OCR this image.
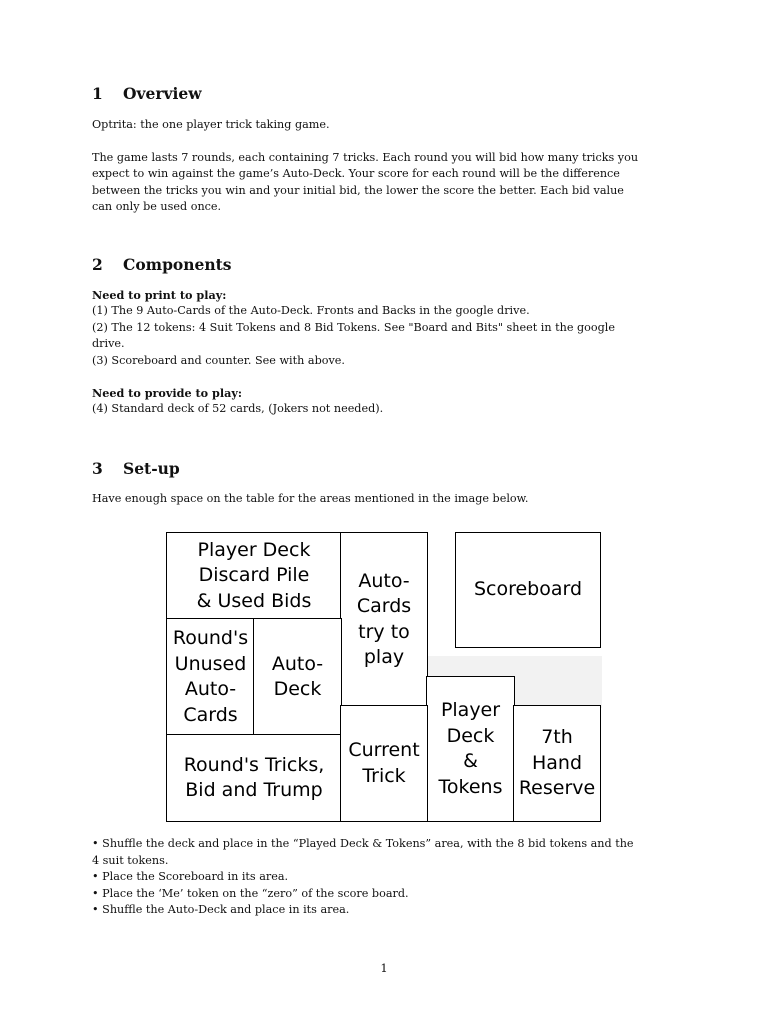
1 Overview

Optrita: the one player trick taking game.

The game lasts 7 rounds, each containing 7 tricks. Each round you will bid how many tricks you
expect to win against the game’s Auto-Deck. Your score for each round will be the difference
between the tricks you win and your initial bid, the lower the score the better. Each bid value
can only be used once.

2 Components

Need to print to play:
(1) The 9 Auto-Cards of the Auto-Deck. Fronts and Backs in the google drive.
(2) The 12 tokens: 4 Suit Tokens and 8 Bid Tokens. See "Board and Bits" sheet in the google
drive.
(3) Scoreboard and counter. See with above.

Need to provide to play:
(4) Standard deck of 52 cards, (Jokers not needed).

3 Set-up

Have enough space on the table for the areas mentioned in the image below.

Player Deck
Discard Pile
& Used Bids
Auto-
Cards
try to
play
Scoreboard
Round's
Unused
Auto-
Cards
Auto-
Deck
Player
Deck
&
Tokens
Round's Tricks,
Bid and Trump
Current
Trick
7th
Hand
Reserve
• Shuffle the deck and place in the “Played Deck & Tokens” area, with the 8 bid tokens and the
4 suit tokens.
• Place the Scoreboard in its area.
• Place the ‘Me’ token on the “zero” of the score board.
• Shuffle the Auto-Deck and place in its area.
1
